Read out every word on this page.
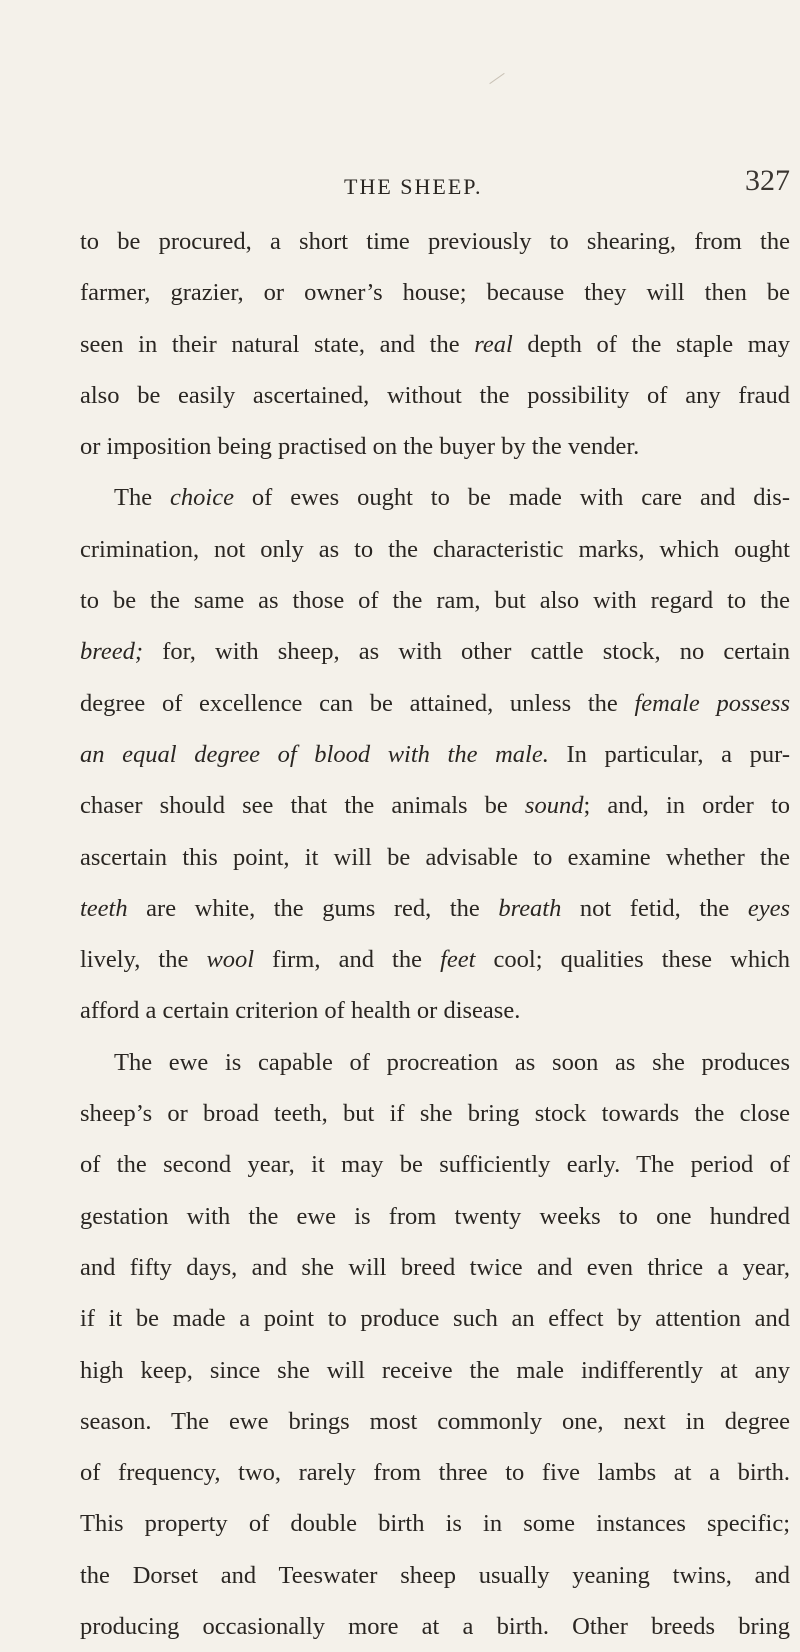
THE SHEEP.	327
to be procured, a short time previously to shearing, from the
farmer, grazier, or owner’s house; because they will then be
seen in their natural state, and the real depth of the staple may
also be easily ascertained, without the possibility of any fraud
or imposition being practised on the buyer by the vender.
The choice of ewes ought to be made with care and dis-
crimination, not only as to the characteristic marks, which ought
to be the same as those of the ram, but also with regard to the
breed; for, with sheep, as with other cattle stock, no certain
degree of excellence can be attained, unless the female possess
an equal degree of blood with the male. In particular, a pur-
chaser should see that the animals be sound; and, in order to
ascertain this point, it will be advisable to examine whether the
teeth are white, the gums red, the breath not fetid, the eyes
lively, the wool firm, and the feet cool; qualities these which
afford a certain criterion of health or disease.
The ewe is capable of procreation as soon as she produces
sheep’s or broad teeth, but if she bring stock towards the close
of the second year, it may be sufficiently early. The period of
gestation with the ewe is from twenty weeks to one hundred
and fifty days, and she will breed twice and even thrice a year,
if it be made a point to produce such an effect by attention and
high keep, since she will receive the male indifferently at any
season. The ewe brings most commonly one, next in degree
of frequency, two, rarely from three to five lambs at a birth.
This property of double birth is in some instances specific;
the Dorset and Teeswater sheep usually yeaning twins, and
producing occasionally more at a birth. Other breeds bring
